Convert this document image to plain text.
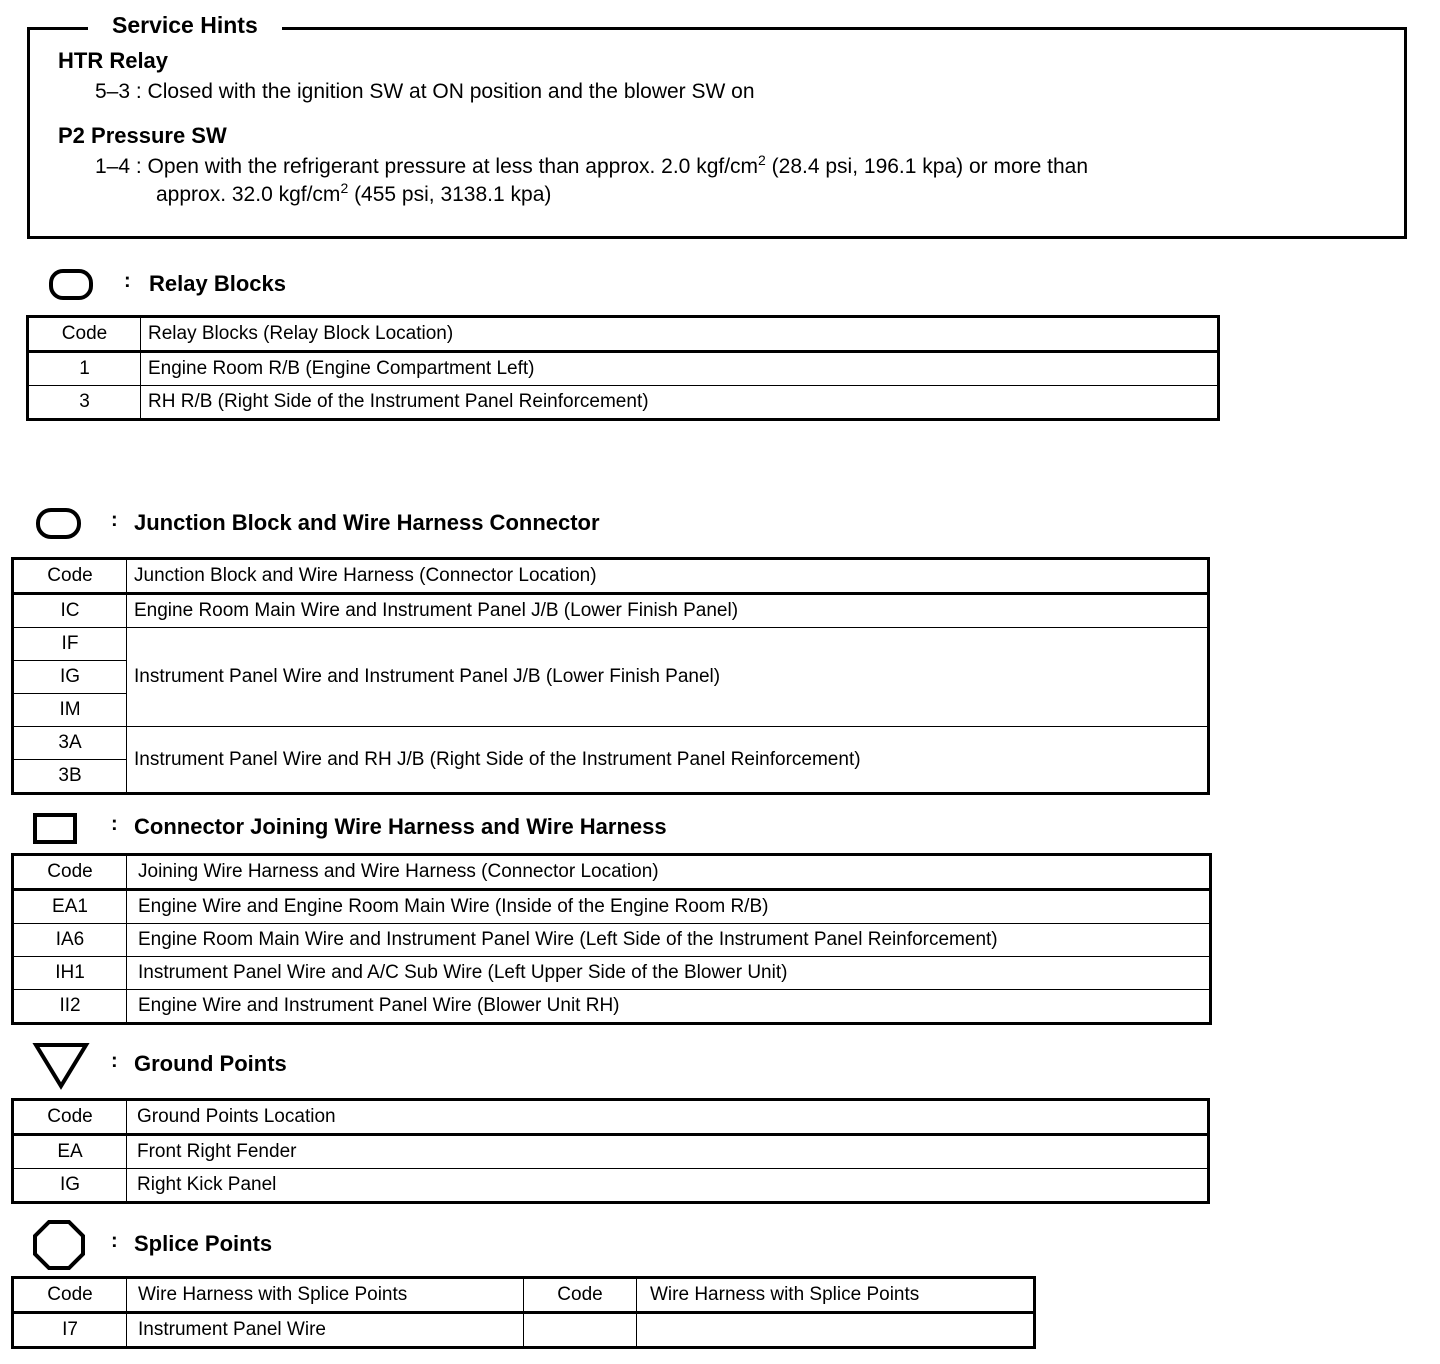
Service Hints
HTR Relay
5–3 : Closed with the ignition SW at ON position and the blower SW on
P2 Pressure SW
1–4 : Open with the refrigerant pressure at less than approx. 2.0 kgf/$cm^2$ (28.4 psi, 196.1 kpa) or more than
approx. 32.0 kgf/$cm^2$ (455 psi, 3138.1 kpa)
: Relay Blocks
Code	Relay Blocks (Relay Block Location)
1	Engine Room R/B (Engine Compartment Left)
3	RH R/B (Right Side of the Instrument Panel Reinforcement)
: Junction Block and Wire Harness Connector
Code	Junction Block and Wire Harness (Connector Location)
IC	Engine Room Main Wire and Instrument Panel J/B (Lower Finish Panel)
IF	Instrument Panel Wire and Instrument Panel J/B (Lower Finish Panel)
IG	
IM	
3A	Instrument Panel Wire and RH J/B (Right Side of the Instrument Panel Reinforcement)
3B	
: Connector Joining Wire Harness and Wire Harness
Code	Joining Wire Harness and Wire Harness (Connector Location)
EA1	Engine Wire and Engine Room Main Wire (Inside of the Engine Room R/B)
IA6	Engine Room Main Wire and Instrument Panel Wire (Left Side of the Instrument Panel Reinforcement)
IH1	Instrument Panel Wire and A/C Sub Wire (Left Upper Side of the Blower Unit)
II2	Engine Wire and Instrument Panel Wire (Blower Unit RH)
: Ground Points
Code	Ground Points Location
EA	Front Right Fender
IG	Right Kick Panel
: Splice Points
Code	Wire Harness with Splice Points	Code	Wire Harness with Splice Points
I7	Instrument Panel Wire		
